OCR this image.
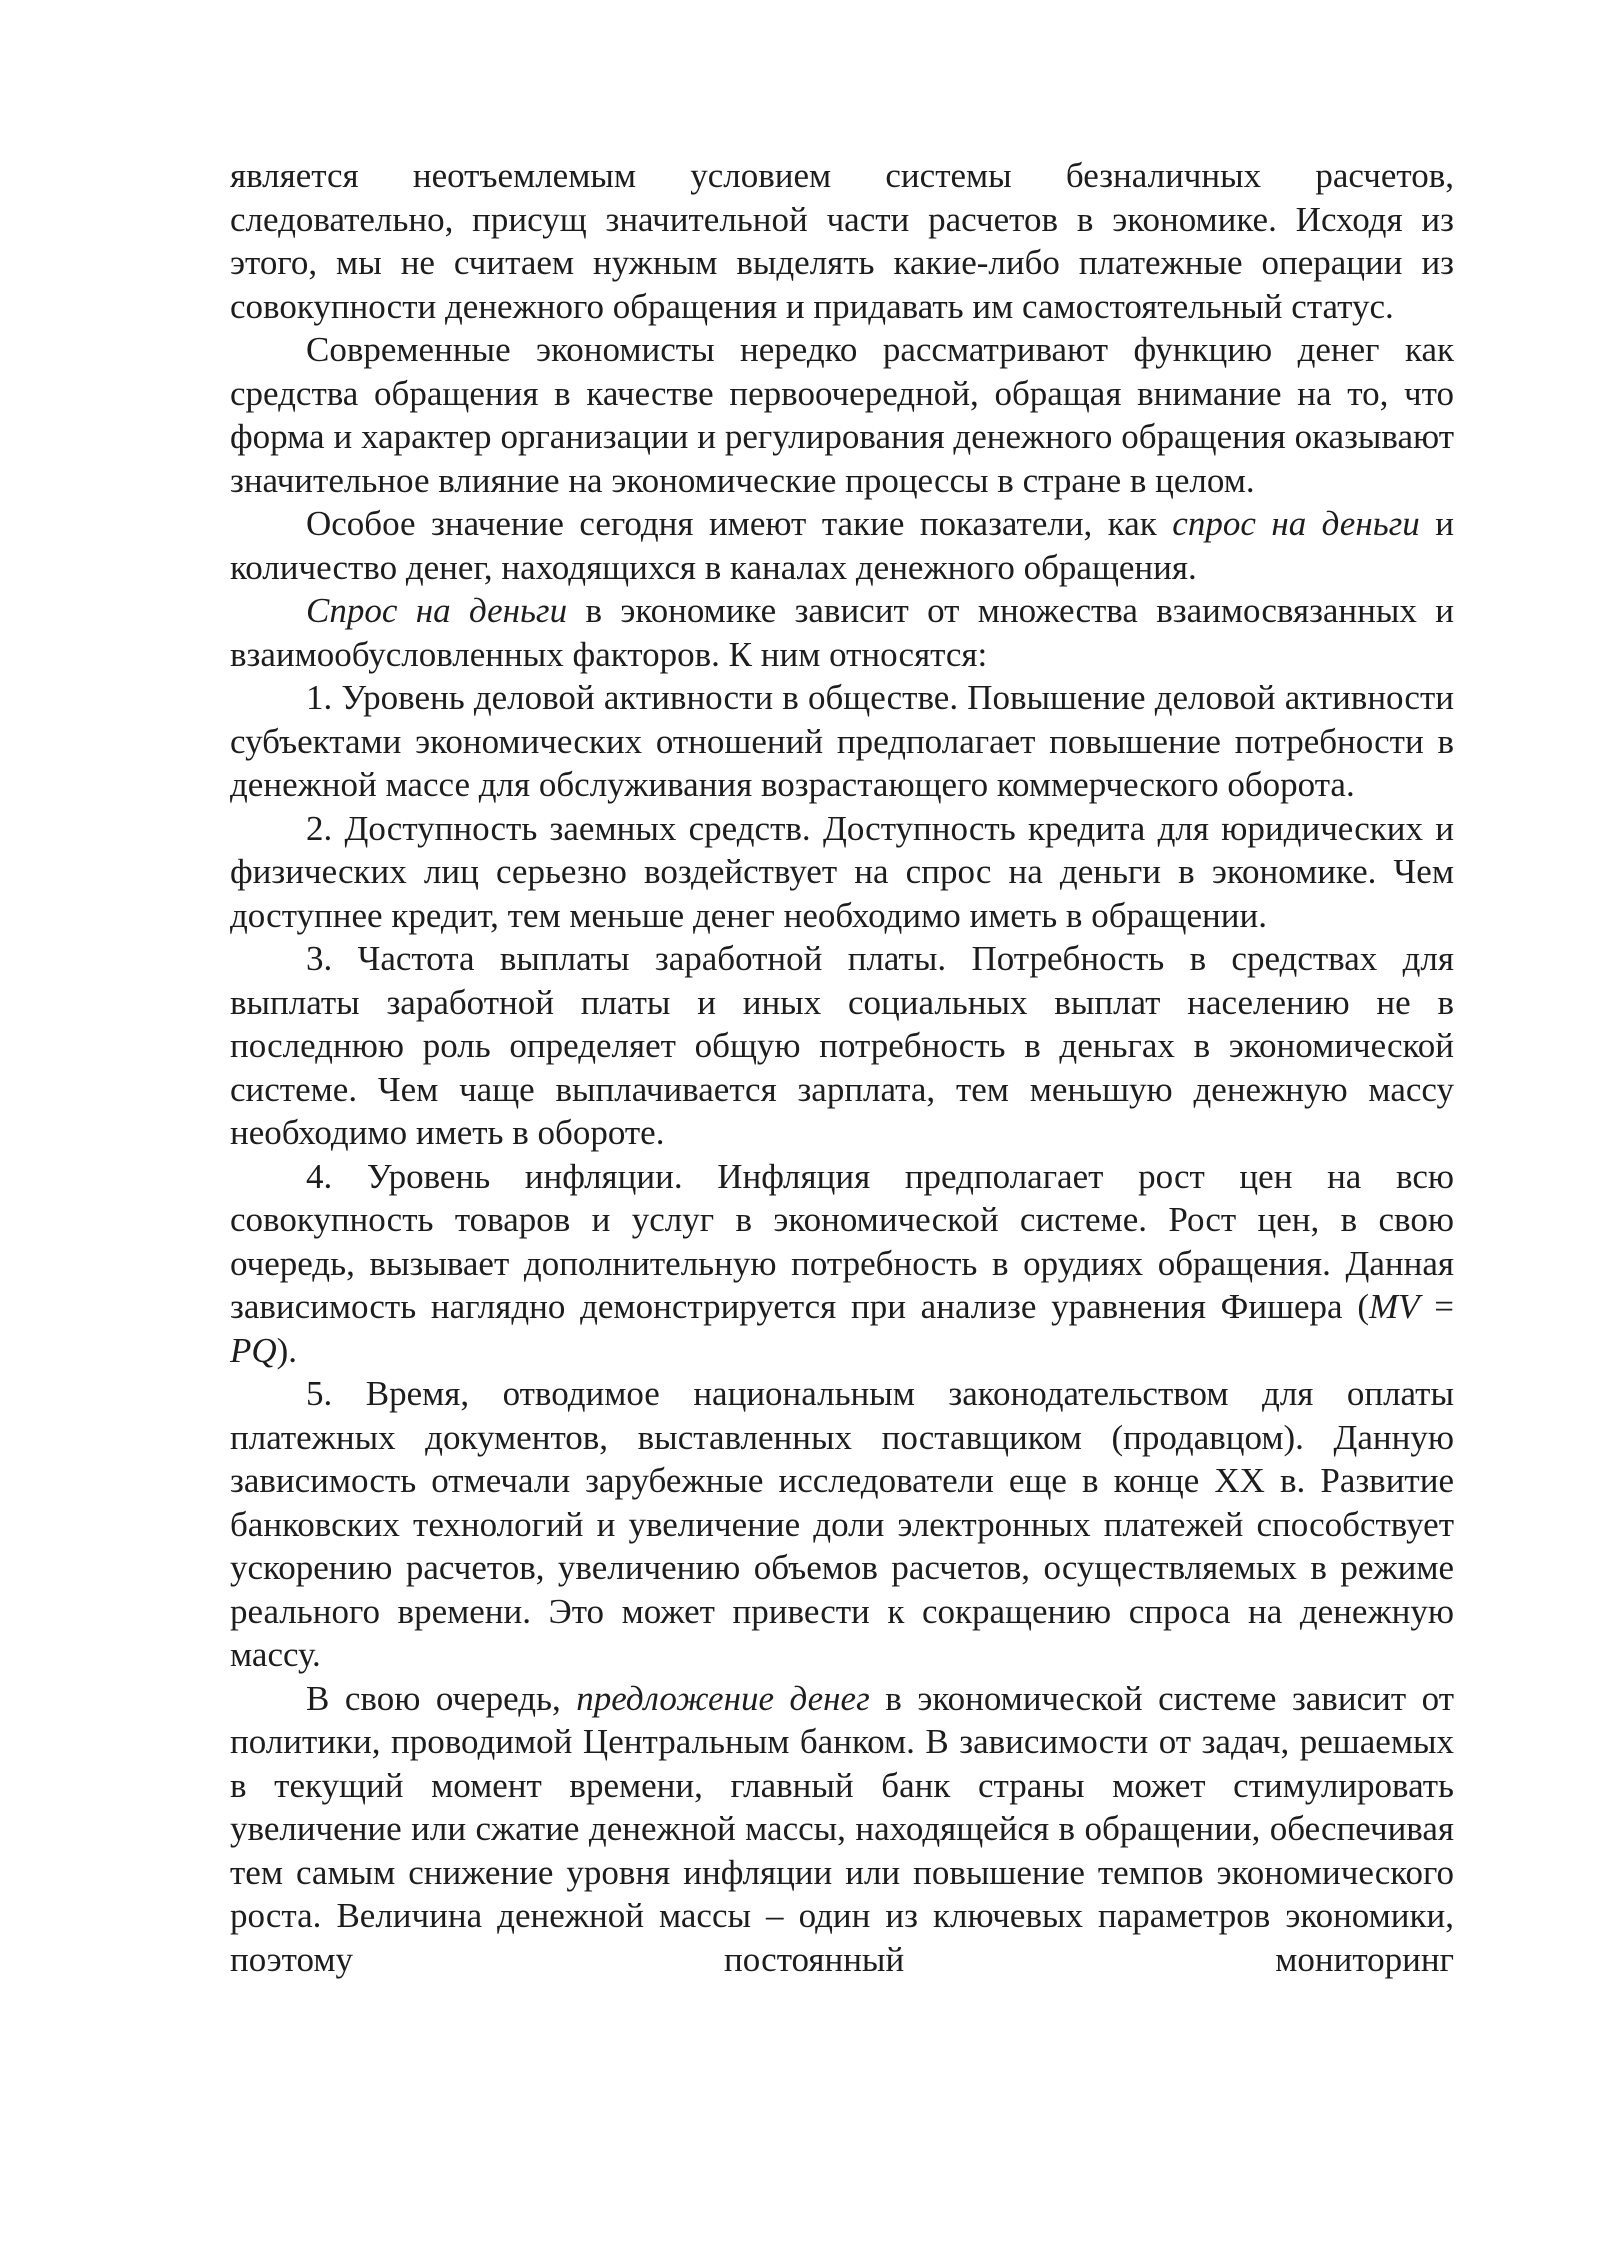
является неотъемлемым условием системы безналичных расчетов, следовательно, присущ значительной части расчетов в экономике. Исходя из этого, мы не считаем нужным выделять какие-либо платежные операции из совокупности денежного обращения и придавать им самостоятельный статус.

Современные экономисты нередко рассматривают функцию денег как средства обращения в качестве первоочередной, обращая внимание на то, что форма и характер организации и регулирования денежного обращения оказывают значительное влияние на экономические процессы в стране в целом.

Особое значение сегодня имеют такие показатели, как спрос на деньги и количество денег, находящихся в каналах денежного обращения.

Спрос на деньги в экономике зависит от множества взаимосвязанных и взаимообусловленных факторов. К ним относятся:

1. Уровень деловой активности в обществе. Повышение деловой активности субъектами экономических отношений предполагает повышение потребности в денежной массе для обслуживания возрастающего коммерческого оборота.

2. Доступность заемных средств. Доступность кредита для юридических и физических лиц серьезно воздействует на спрос на деньги в экономике. Чем доступнее кредит, тем меньше денег необходимо иметь в обращении.

3. Частота выплаты заработной платы. Потребность в средствах для выплаты заработной платы и иных социальных выплат населению не в последнюю роль определяет общую потребность в деньгах в экономической системе. Чем чаще выплачивается зарплата, тем меньшую денежную массу необходимо иметь в обороте.

4. Уровень инфляции. Инфляция предполагает рост цен на всю совокупность товаров и услуг в экономической системе. Рост цен, в свою очередь, вызывает дополнительную потребность в орудиях обращения. Данная зависимость наглядно демонстрируется при анализе уравнения Фишера (MV = PQ).

5. Время, отводимое национальным законодательством для оплаты платежных документов, выставленных поставщиком (продавцом). Данную зависимость отмечали зарубежные исследователи еще в конце XX в. Развитие банковских технологий и увеличение доли электронных платежей способствует ускорению расчетов, увеличению объемов расчетов, осуществляемых в режиме реального времени. Это может привести к сокращению спроса на денежную массу.

В свою очередь, предложение денег в экономической системе зависит от политики, проводимой Центральным банком. В зависимости от задач, решаемых в текущий момент времени, главный банк страны может стимулировать увеличение или сжатие денежной массы, находящейся в обращении, обеспечивая тем самым снижение уровня инфляции или повышение темпов экономического роста. Величина денежной массы – один из ключевых параметров экономики, поэтому постоянный мониторинг
